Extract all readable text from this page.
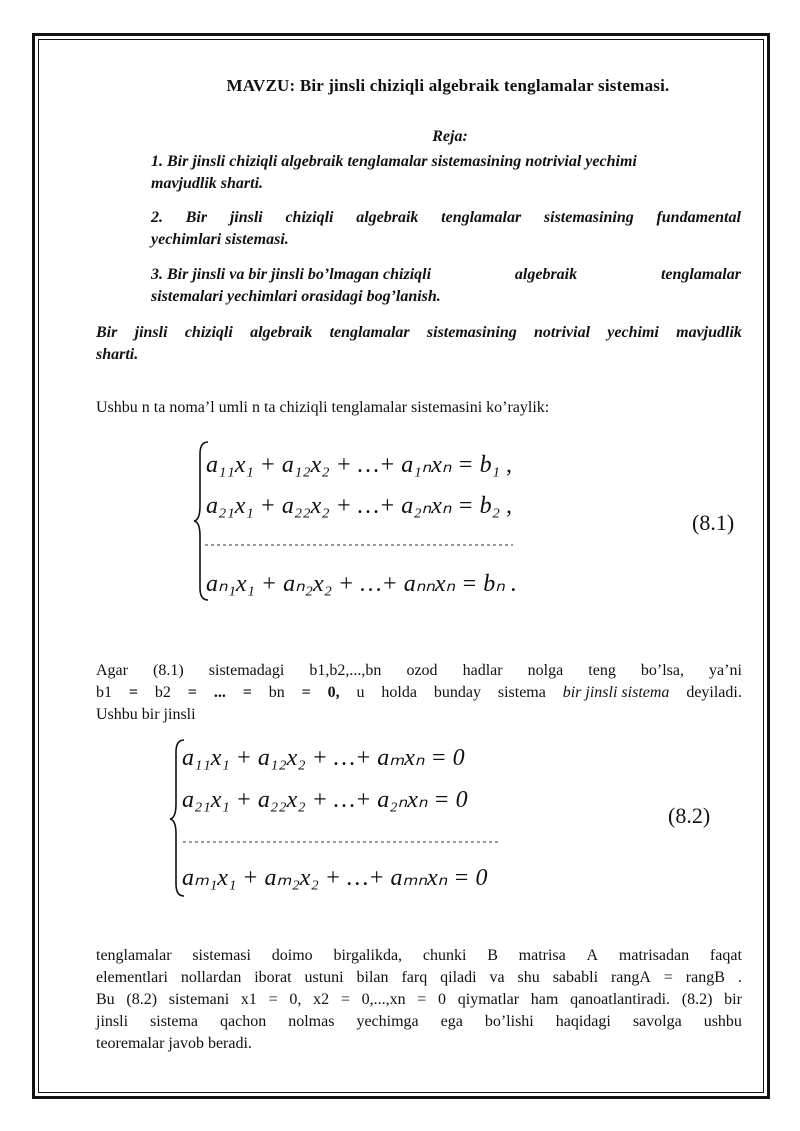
MAVZU: Bir jinsli chiziqli algebraik tenglamalar sistemasi.
Reja:
1. Bir jinsli chiziqli algebraik tenglamalar sistemasining notrivial yechimi
mavjudlik sharti.
2. Bir jinsli chiziqli algebraik tenglamalar sistemasining fundamental
yechimlari sistemasi.
3. Bir jinsli va bir jinsli bo’lmagan chiziqli	algebraik	tenglamalar
sistemalari yechimlari orasidagi bog’lanish.
Bir jinsli chiziqli algebraik tenglamalar sistemasining notrivial yechimi mavjudlik
sharti.
Ushbu n ta noma’l umli n ta chiziqli tenglamalar sistemasini ko’raylik:
a₁₁x₁ + a₁₂x₂ + …+ a₁ₙxₙ = b₁ ,
a₂₁x₁ + a₂₂x₂ + …+ a₂ₙxₙ = b₂ ,
aₙ₁x₁ + aₙ₂x₂ + …+ aₙₙxₙ = bₙ .
(8.1)
Agar (8.1) sistemadagi b1,b2,...,bn ozod hadlar nolga teng bo’lsa, ya’ni
b1 = b2 = ... = bn = 0, u holda bunday sistema bir jinsli sistema deyiladi.
Ushbu bir jinsli
a₁₁x₁ + a₁₂x₂ + …+ aₘxₙ = 0
a₂₁x₁ + a₂₂x₂ + …+ a₂ₙxₙ = 0
aₘ₁x₁ + aₘ₂x₂ + …+ aₘₙxₙ = 0
(8.2)
tenglamalar sistemasi doimo birgalikda, chunki B matrisa A matrisadan faqat
elementlari nollardan iborat ustuni bilan farq qiladi va shu sababli rangA = rangB .
Bu (8.2) sistemani x1 = 0, x2 = 0,...,xn = 0 qiymatlar ham qanoatlantiradi. (8.2) bir
jinsli sistema qachon nolmas yechimga ega bo’lishi haqidagi savolga ushbu
teoremalar javob beradi.
